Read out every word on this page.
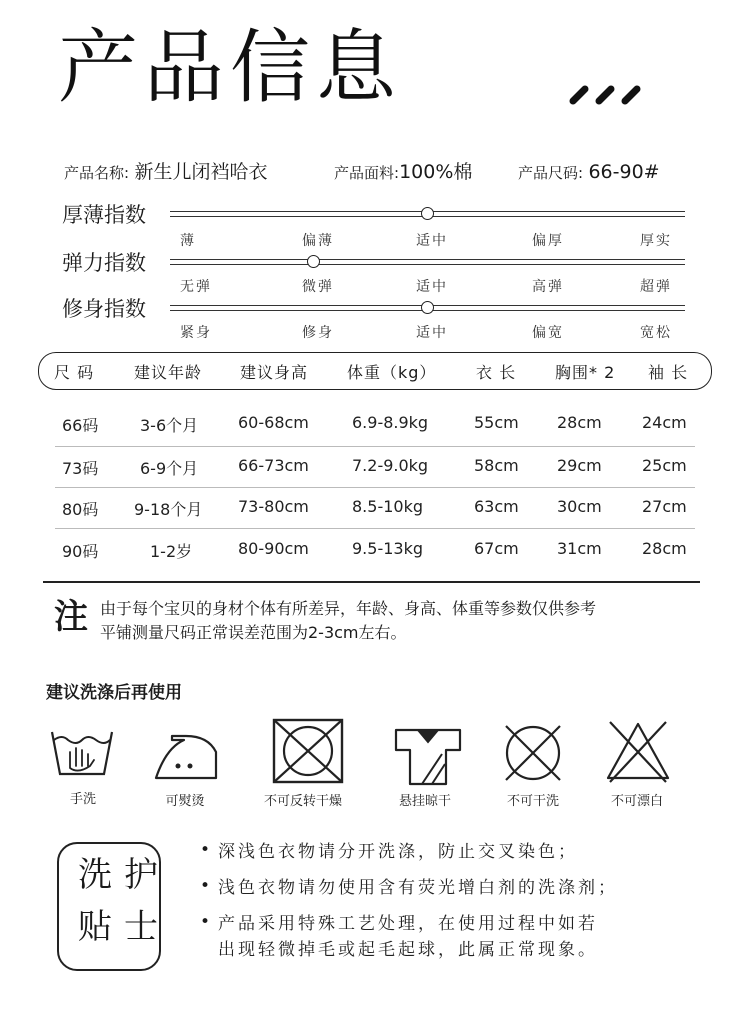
产品信息
产品名称: 新生儿闭裆哈衣	产品面料:100%棉	产品尺码: 66-90#
厚薄指数
薄	偏薄	适中	偏厚	厚实
弹力指数
无弹	微弹	适中	高弹	超弹
修身指数
紧身	修身	适中	偏宽	宽松
尺 码 建议年龄 建议身高 体重（kg） 衣 长 胸围* 2 袖 长
66码	3-6个月 60-68cm	6.9-8.9kg	55cm 28cm	24cm
73码	6-9个月 66-73cm	7.2-9.0kg	58cm 29cm	25cm
80码 9-18个月 73-80cm	8.5-10kg	63cm 30cm	27cm
90码	1-2岁	80-90cm	9.5-13kg	67cm 31cm	28cm
注 由于每个宝贝的身材个体有所差异，年龄、身高、体重等参数仅供参考
平铺测量尺码正常误差范围为2-3cm左右。
建议洗涤后再使用
手洗	可熨烫	不可反转干燥	悬挂晾干	不可干洗	不可漂白
洗护
贴士
• 深浅色衣物请分开洗涤，防止交叉染色；
• 浅色衣物请勿使用含有荧光增白剂的洗涤剂；
• 产品采用特殊工艺处理，在使用过程中如若
出现轻微掉毛或起毛起球，此属正常现象。
